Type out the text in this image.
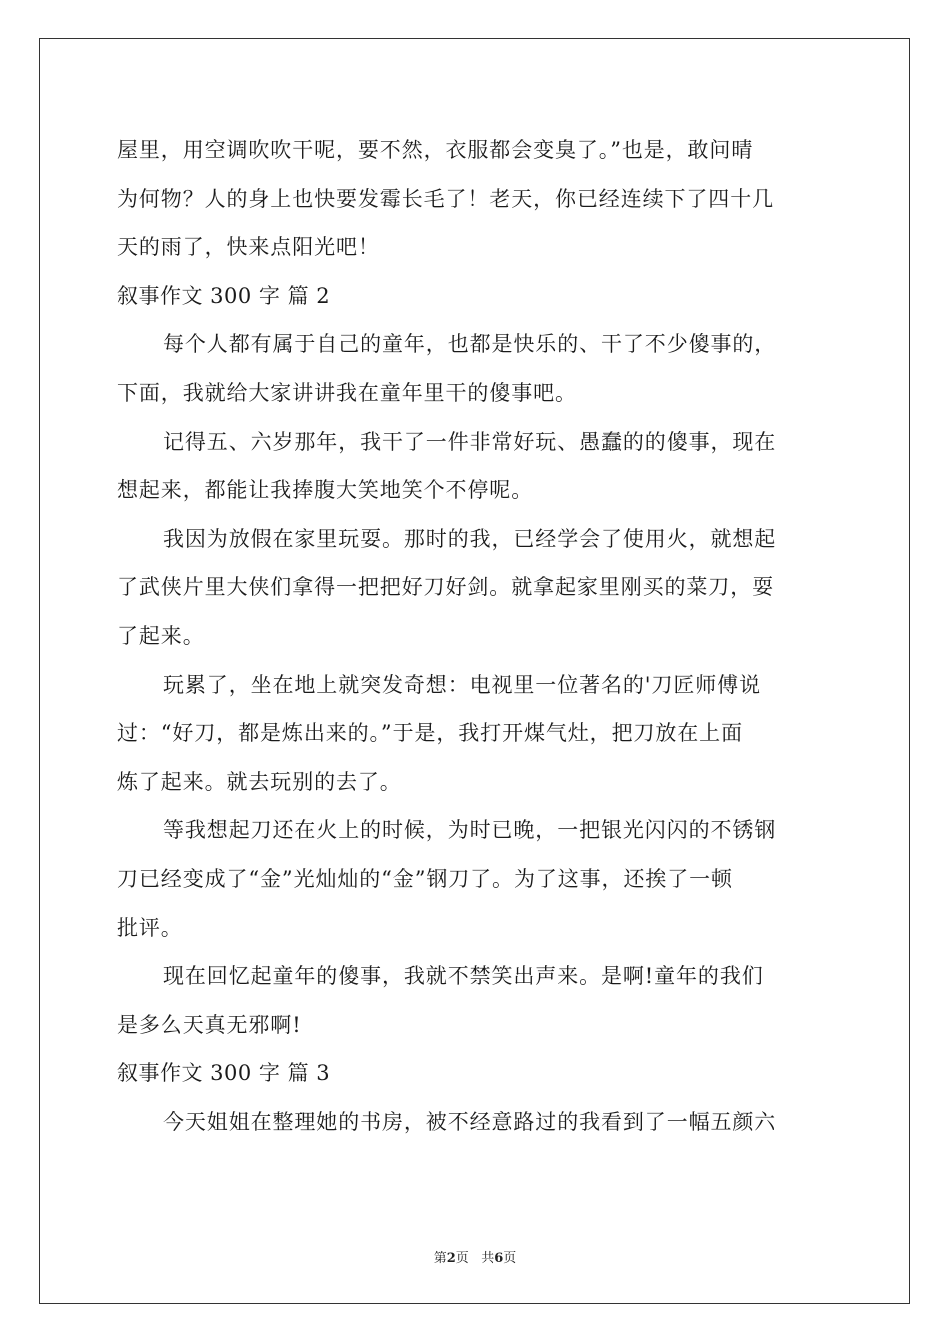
屋里，用空调吹吹干呢，要不然，衣服都会变臭了。”也是，敢问晴
为何物？人的身上也快要发霉长毛了！老天，你已经连续下了四十几
天的雨了，快来点阳光吧！
叙事作文 300 字 篇 2
每个人都有属于自己的童年，也都是快乐的、干了不少傻事的，
下面，我就给大家讲讲我在童年里干的傻事吧。
记得五、六岁那年，我干了一件非常好玩、愚蠢的的傻事，现在
想起来，都能让我捧腹大笑地笑个不停呢。
我因为放假在家里玩耍。那时的我，已经学会了使用火，就想起
了武侠片里大侠们拿得一把把好刀好剑。就拿起家里刚买的菜刀，耍
了起来。
玩累了，坐在地上就突发奇想：电视里一位著名的'刀匠师傅说
过：“好刀，都是炼出来的。”于是，我打开煤气灶，把刀放在上面
炼了起来。就去玩别的去了。
等我想起刀还在火上的时候，为时已晚，一把银光闪闪的不锈钢
刀已经变成了“金”光灿灿的“金”钢刀了。为了这事，还挨了一顿
批评。
现在回忆起童年的傻事，我就不禁笑出声来。是啊!童年的我们
是多么天真无邪啊!
叙事作文 300 字 篇 3
今天姐姐在整理她的书房，被不经意路过的我看到了一幅五颜六
第2页 共6页
